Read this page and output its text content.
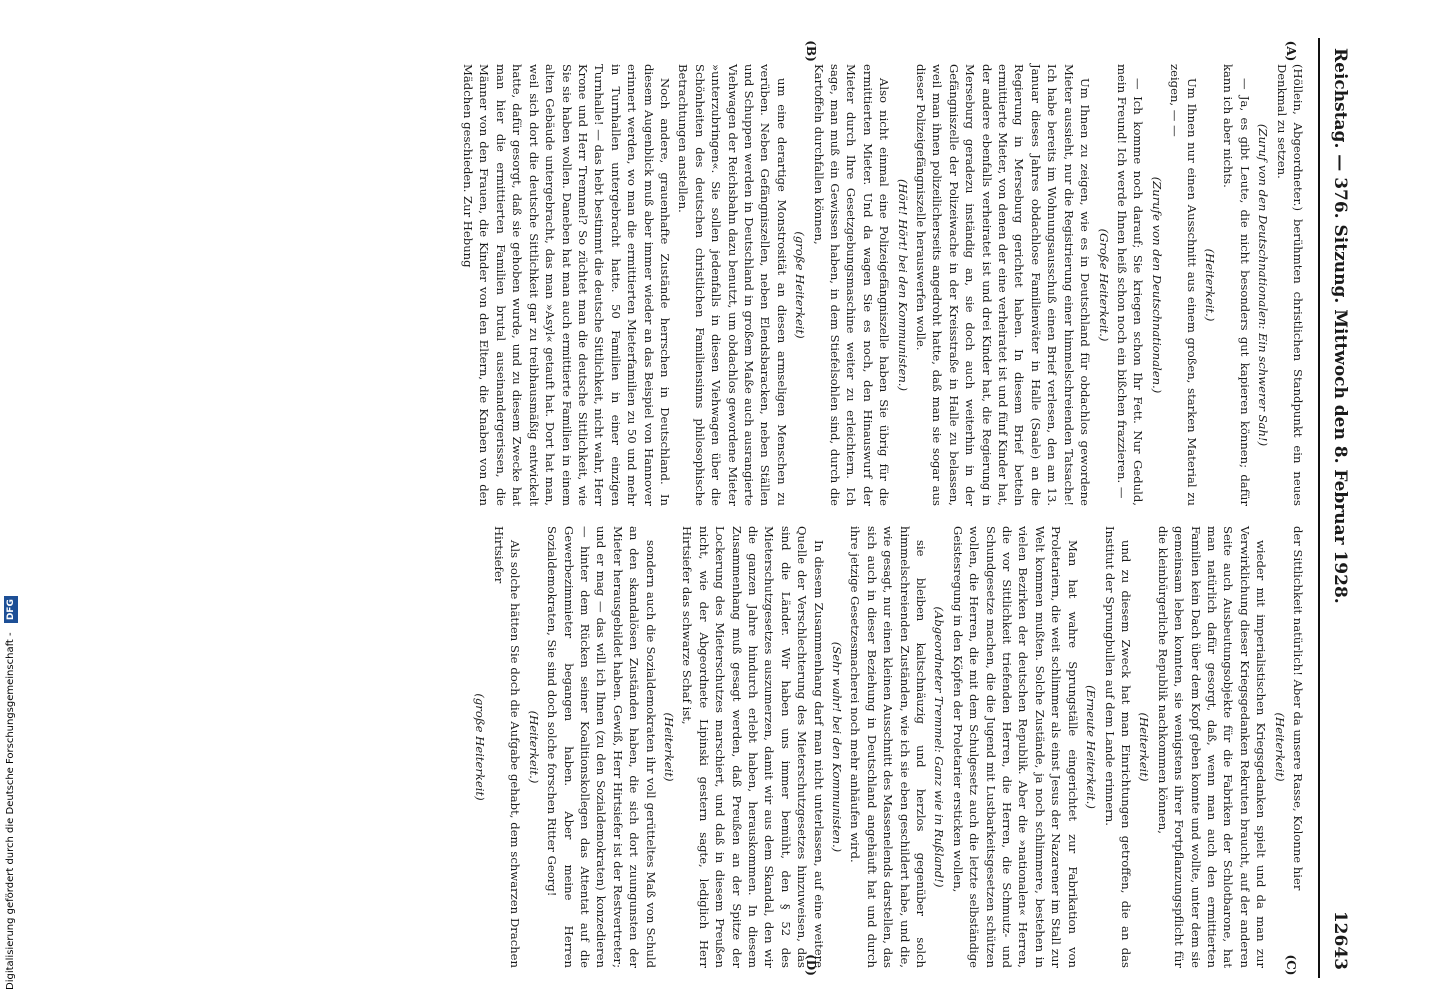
Digitalisierung gefördert durch die Deutsche Forschungsgemeinschaft - DFG
Reichstag. — 376. Sitzung. Mittwoch den 8. Februar 1928.
12643
(A)
(B)
(C)
(D)

(Höllein, Abgeordneter.) berühmten christlichen Standpunkt ein neues Denkmal zu setzen.

(Zuruf von den Deutschnationalen: Ein schwerer Sah!)

— Ja, es gibt Leute, die nicht besonders gut kapieren können; dafür kann ich aber nichts.

(Heiterkeit.)

Um Ihnen nur einen Ausschnitt aus einem großen, starken Material zu zeigen, — —

(Zurufe von den Deutschnationalen.)

— Ich komme noch darauf; Sie kriegen schon Ihr Fett. Nur Geduld, mein Freund! Ich werde Ihnen heiß schon noch ein bißchen frazzieren. —

(Große Heiterkeit.)

Um Ihnen zu zeigen, wie es in Deutschland für obdachlos gewordene Mieter aussieht, nur die Registrierung einer himmelschreienden Tatsache! Ich habe bereits im Wohnungsausschuß einen Brief verlesen, den am 13. Januar dieses Jahres obdachlose Familienväter in Halle (Saale) an die Regierung in Merseburg gerichtet haben. In diesem Brief betteln ermittierte Mieter, von denen der eine verheiratet ist und fünf Kinder hat, der andere ebenfalls verheiratet ist und drei Kinder hat, die Regierung in Merseburg geradezu inständig an, sie doch auch weiterhin in der Gefängniszelle der Polizeiwache in der Kreisstraße in Halle zu belassen, weil man ihnen polizeilicherseits angedroht hatte, daß man sie sogar aus dieser Polizeigefängniszelle herauswerfen wolle.

(Hört! Hört! bei den Kommunisten.)

Also nicht einmal eine Polizeigefängniszelle haben Sie übrig für die ermittierten Mieter. Und da wagen Sie es noch, den Hinauswurf der Mieter durch Ihre Gesetzgebungsmaschine weiter zu erleichtern. Ich sage, man muß ein Gewissen haben, in dem Stiefelsohlen sind, durch die Kartoffeln durchfallen können,

(große Heiterkeit)

um eine derartige Monstrosität an diesen armseligen Menschen zu verüben. Neben Gefängniszellen, neben Elendsbaracken, neben Ställen und Schuppen werden in Deutschland in großem Maße auch ausrangierte Viehwagen der Reichsbahn dazu benutzt, um obdachlos gewordene Mieter »unterzubringen«. Sie sollen jedenfalls in diesen Viehwagen über die Schönheiten des deutschen christlichen Familiensinns philosophische Betrachtungen anstellen.

Noch andere, grauenhafte Zustände herrschen in Deutschland. In diesem Augenblick muß aber immer wieder an das Beispiel von Hannover erinnert werden, wo man die ermittierten Mieterfamilien zu 50 und mehr in Turnhallen untergebracht hatte. 50 Familien in einer einzigen Turnhalle! — das hebt bestimmt die deutsche Sittlichkeit, nicht wahr, Herr Krone und Herr Tremmel? So züchtet man die deutsche Sittlichkeit, wie Sie sie haben wollen. Daneben hat man auch ermittierte Familien in einem alten Gebäude untergebracht, das man »Asyl« getauft hat. Dort hat man, weil sich dort die deutsche Sittlichkeit gar zu treibhausmäßig entwickelt hatte, dafür gesorgt, daß sie gehoben wurde, und zu diesem Zwecke hat man hier die ermittierten Familien brutal auseinandergerissen, die Männer von den Frauen, die Kinder von den Eltern, die Knaben von den Mädchen geschieden. Zur Hebung

der Sittlichkeit natürlich! Aber da unsere Rasse, Kolonne hier

(Heiterkeit)

wieder mit imperialistischen Kriegsgedanken spielt und da man zur Verwirklichung dieser Kriegsgedanken Rekruten braucht, auf der anderen Seite auch Ausbeutungsobjekte für die Fabriken der Schlotbarone, hat man natürlich dafür gesorgt, daß, wenn man auch den ermittierten Familien kein Dach über dem Kopf geben konnte und wollte, unter dem sie gemeinsam leben konnten, sie wenigstens ihrer Fortpflanzungspflicht für die kleinbürgerliche Republik nachkommen können,

(Heiterkeit)

und zu diesem Zweck hat man Einrichtungen getroffen, die an das Institut der Sprungbullen auf dem Lande erinnern.

(Erneute Heiterkeit.)

Man hat wahre Sprungställe eingerichtet zur Fabrikation von Proletariern, die weit schlimmer als einst Jesus der Nazarener im Stall zur Welt kommen mußten. Solche Zustände, ja noch schlimmere, bestehen in vielen Bezirken der deutschen Republik. Aber die »nationalen« Herren, die vor Sittlichkeit triefenden Herren, die Herren, die Schmutz- und Schundgesetze machen, die die Jugend mit Lustbarkeitsgesetzen schützen wollen, die Herren, die mit dem Schulgesetz auch die letzte selbständige Geistesregung in den Köpfen der Proletarier ersticken wollen,

(Abgeordneter Tremmel: Ganz wie in Rußland!)

sie bleiben kaltschnäuzig und herzlos gegenüber solch himmelschreienden Zuständen, wie ich sie eben geschildert habe, und die, wie gesagt, nur einen kleinen Ausschnitt des Massenelends darstellen, das sich auch in dieser Beziehung in Deutschland angehäuft hat und durch ihre jetzige Gesetzesmacherei noch mehr anhäufen wird.

(Sehr wahr! bei den Kommunisten.)

In diesem Zusammenhang darf man nicht unterlassen, auf eine weitere Quelle der Verschlechterung des Mieterschutzgesetzes hinzuweisen, das sind die Länder. Wir haben uns immer bemüht, den § 52 des Mieterschutzgesetzes auszumerzen, damit wir aus dem Skandal, den wir die ganzen Jahre hindurch erlebt haben, herauskommen. In diesem Zusammenhang muß gesagt werden, daß Preußen an der Spitze der Lockerung des Mieterschutzes marschiert, und daß in diesem Preußen nicht, wie der Abgeordnete Lipinski gestern sagte, lediglich Herr Hirtsiefer das schwarze Schaf ist,

(Heiterkeit)

sondern auch die Sozialdemokraten ihr voll gerütteltes Maß von Schuld an den skandalösen Zuständen haben, die sich dort zuungunsten der Mieter herausgebildet haben. Gewiß, Herr Hirtsiefer ist der Restvertreter; und er mag — das will ich Ihnen (zu den Sozialdemokraten) konzedieren — hinter dem Rücken seiner Koalitionskollegen das Attentat auf die Gewerbezimmieter begangen haben. Aber meine Herren Sozialdemokraten, Sie sind doch solche forschen Ritter Georg!

(Heiterkeit.)

Als solche hätten Sie doch die Aufgabe gehabt, dem schwarzen Drachen Hirtsiefer

(große Heiterkeit)
